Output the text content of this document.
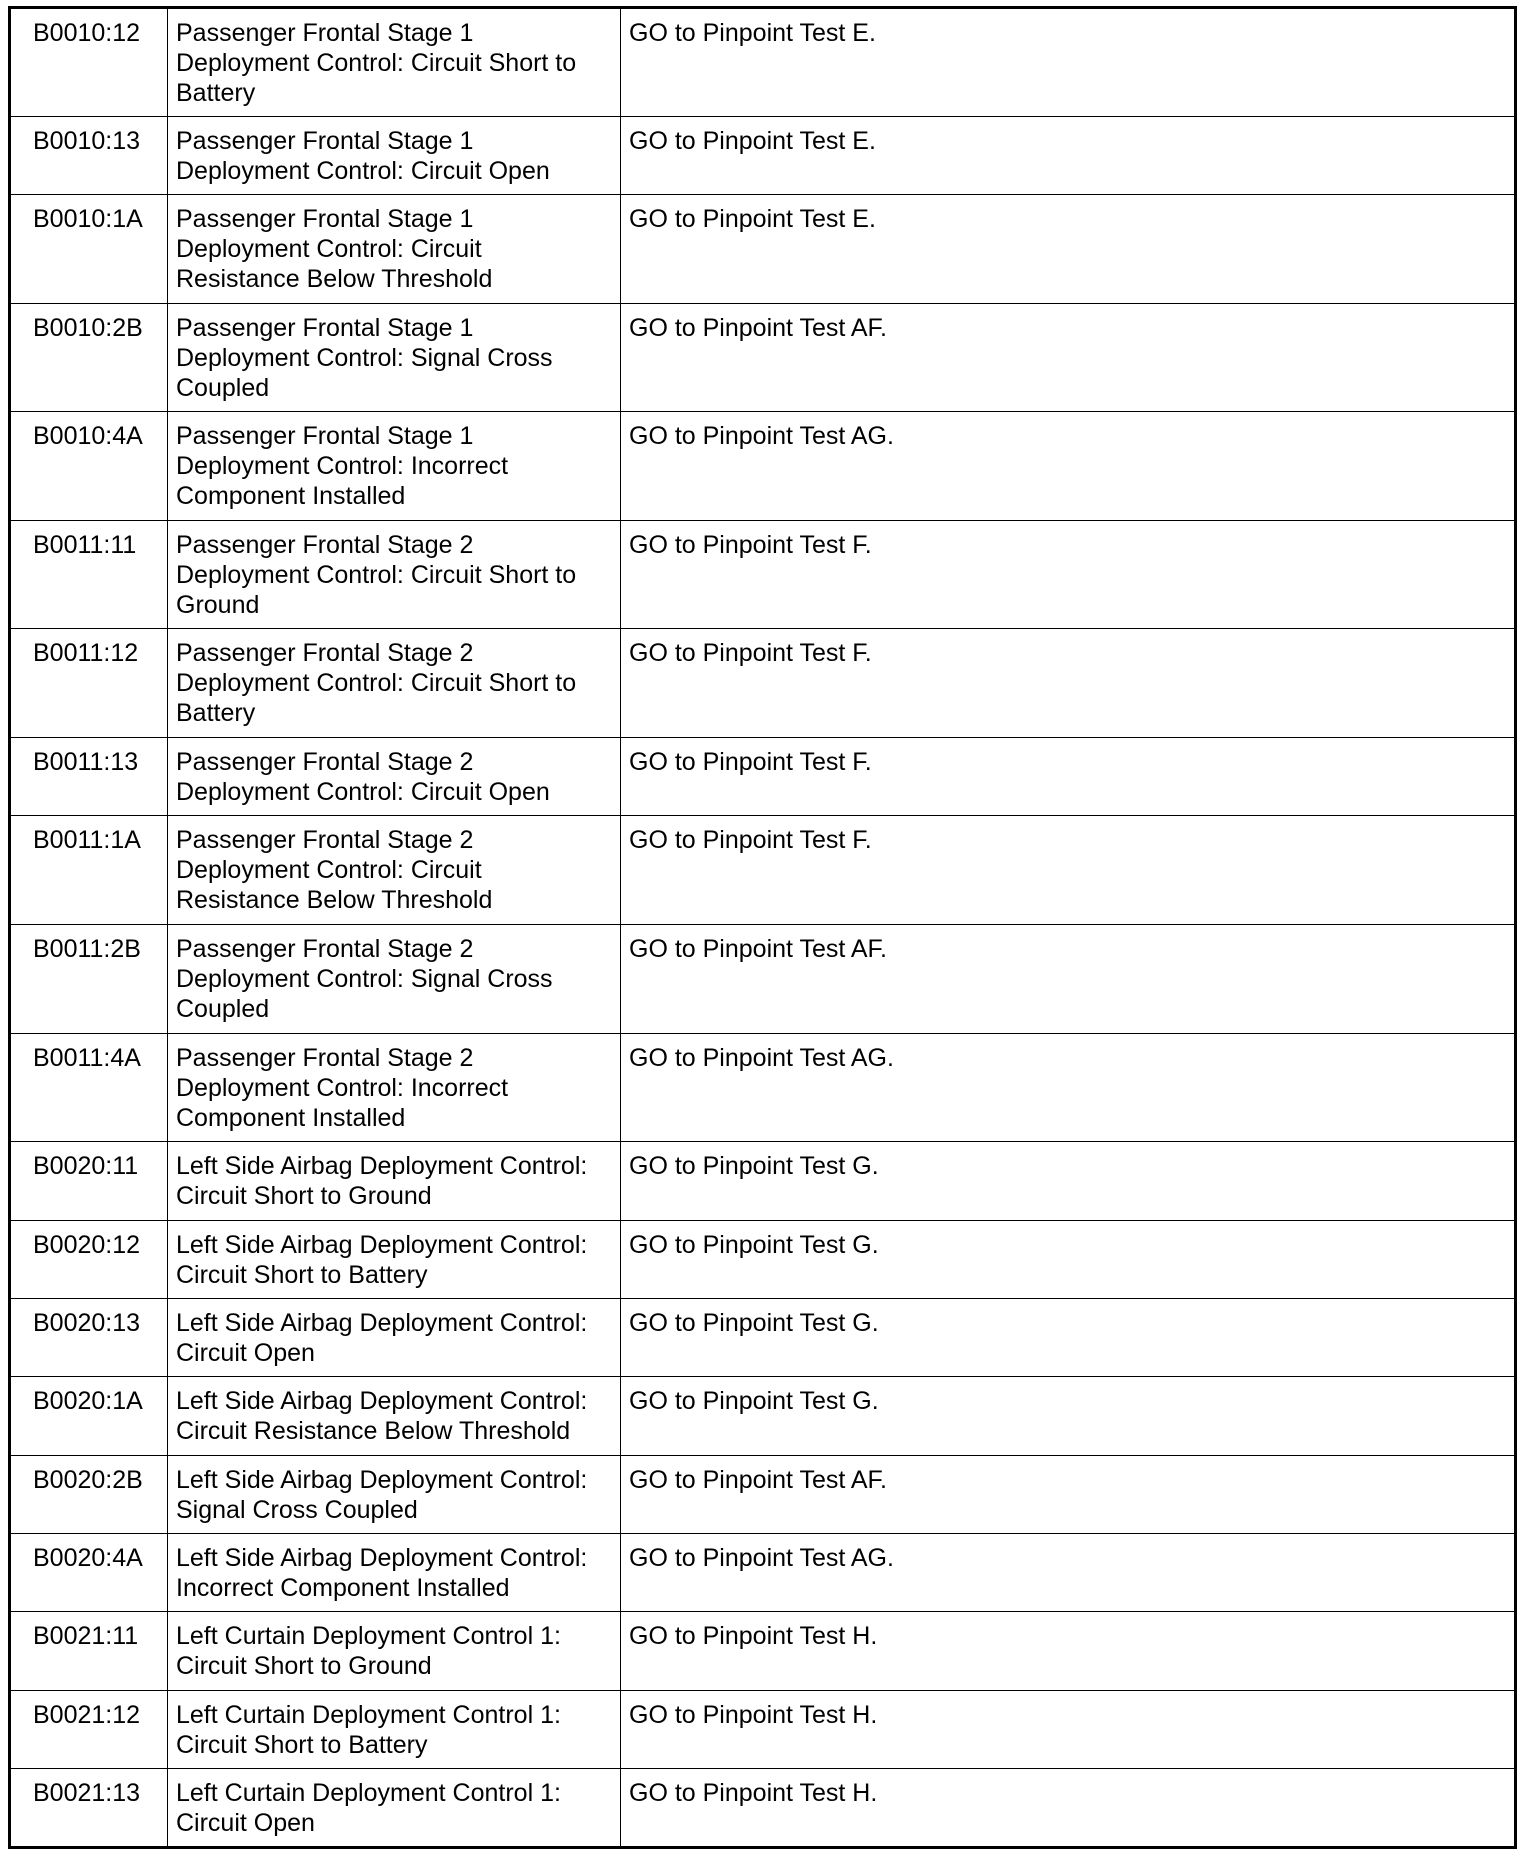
B0010:12	Passenger Frontal Stage 1 Deployment Control: Circuit Short to Battery	GO to Pinpoint Test E.
B0010:13	Passenger Frontal Stage 1 Deployment Control: Circuit Open	GO to Pinpoint Test E.
B0010:1A	Passenger Frontal Stage 1 Deployment Control: Circuit Resistance Below Threshold	GO to Pinpoint Test E.
B0010:2B	Passenger Frontal Stage 1 Deployment Control: Signal Cross Coupled	GO to Pinpoint Test AF.
B0010:4A	Passenger Frontal Stage 1 Deployment Control: Incorrect Component Installed	GO to Pinpoint Test AG.
B0011:11	Passenger Frontal Stage 2 Deployment Control: Circuit Short to Ground	GO to Pinpoint Test F.
B0011:12	Passenger Frontal Stage 2 Deployment Control: Circuit Short to Battery	GO to Pinpoint Test F.
B0011:13	Passenger Frontal Stage 2 Deployment Control: Circuit Open	GO to Pinpoint Test F.
B0011:1A	Passenger Frontal Stage 2 Deployment Control: Circuit Resistance Below Threshold	GO to Pinpoint Test F.
B0011:2B	Passenger Frontal Stage 2 Deployment Control: Signal Cross Coupled	GO to Pinpoint Test AF.
B0011:4A	Passenger Frontal Stage 2 Deployment Control: Incorrect Component Installed	GO to Pinpoint Test AG.
B0020:11	Left Side Airbag Deployment Control: Circuit Short to Ground	GO to Pinpoint Test G.
B0020:12	Left Side Airbag Deployment Control: Circuit Short to Battery	GO to Pinpoint Test G.
B0020:13	Left Side Airbag Deployment Control: Circuit Open	GO to Pinpoint Test G.
B0020:1A	Left Side Airbag Deployment Control: Circuit Resistance Below Threshold	GO to Pinpoint Test G.
B0020:2B	Left Side Airbag Deployment Control: Signal Cross Coupled	GO to Pinpoint Test AF.
B0020:4A	Left Side Airbag Deployment Control: Incorrect Component Installed	GO to Pinpoint Test AG.
B0021:11	Left Curtain Deployment Control 1: Circuit Short to Ground	GO to Pinpoint Test H.
B0021:12	Left Curtain Deployment Control 1: Circuit Short to Battery	GO to Pinpoint Test H.
B0021:13	Left Curtain Deployment Control 1: Circuit Open	GO to Pinpoint Test H.
